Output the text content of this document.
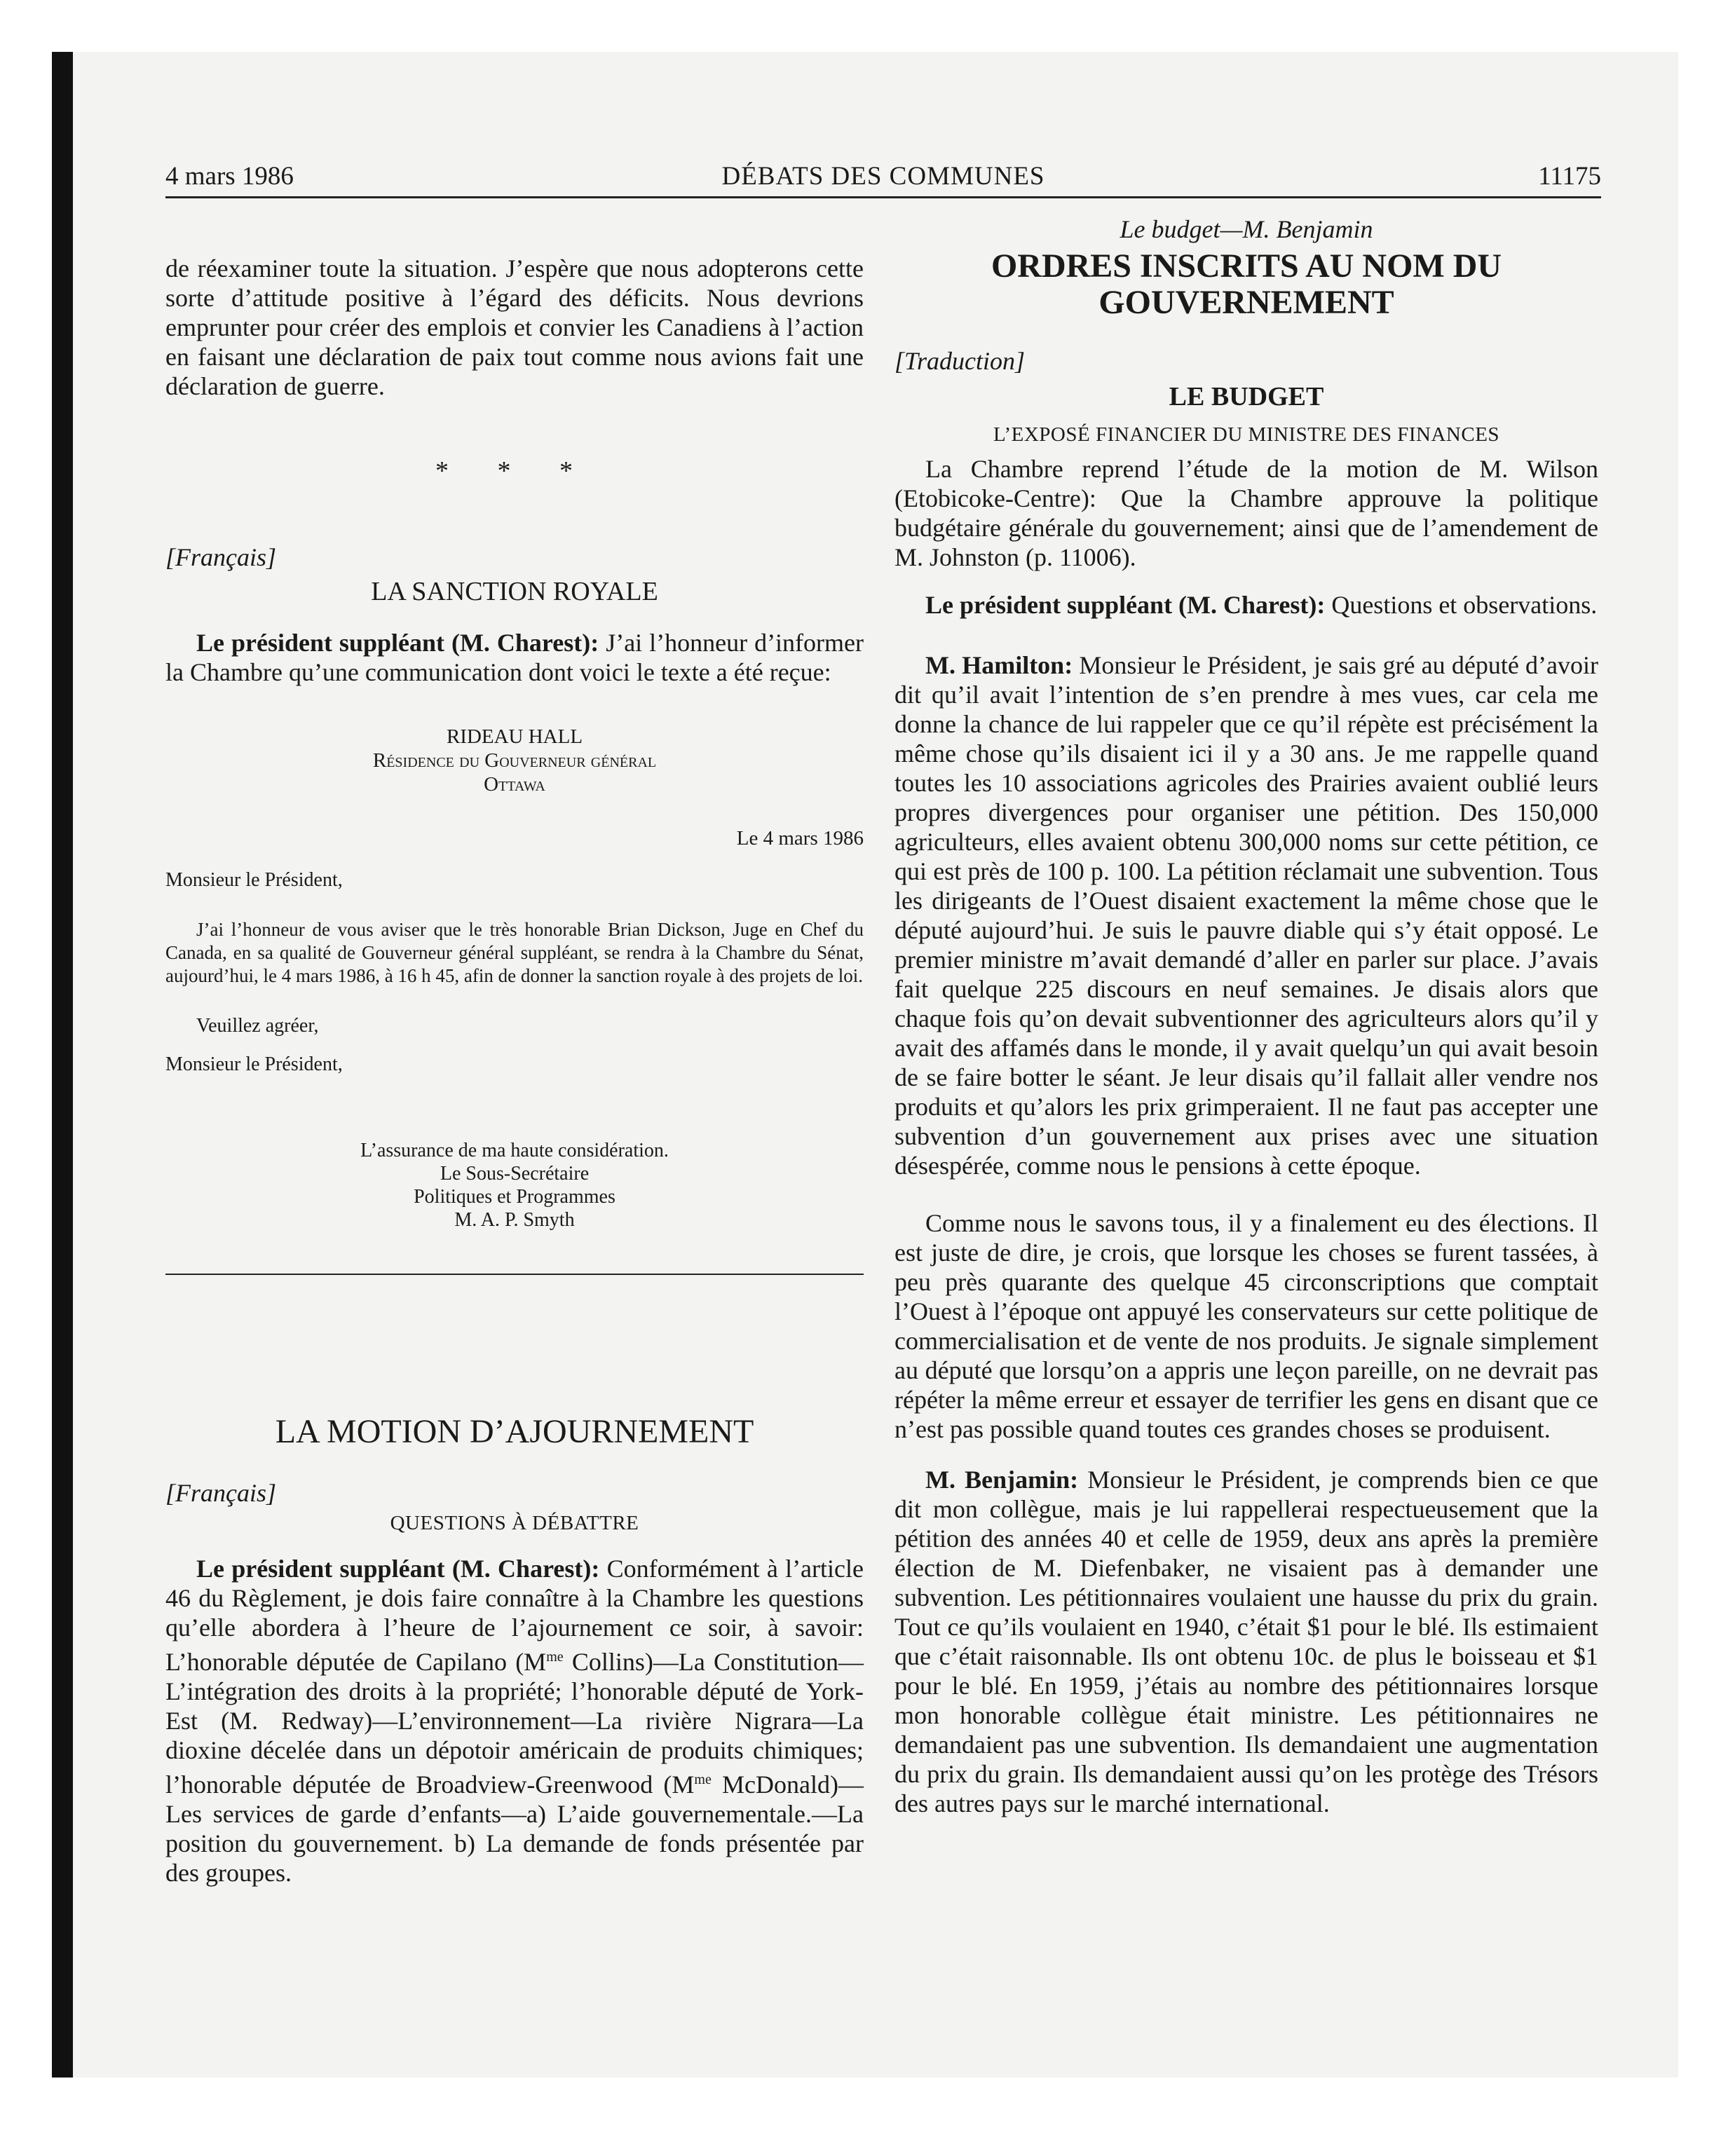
4 mars 1986	DÉBATS DES COMMUNES	11175

de réexaminer toute la situation. J’espère que nous adopterons cette sorte d’attitude positive à l’égard des déficits. Nous devrions emprunter pour créer des emplois et convier les Canadiens à l’action en faisant une déclaration de paix tout comme nous avions fait une déclaration de guerre.

* * *
[Français]
LA SANCTION ROYALE

Le président suppléant (M. Charest): J’ai l’honneur d’informer la Chambre qu’une communication dont voici le texte a été reçue:

RIDEAU HALL
Résidence du Gouverneur général
Ottawa

Le 4 mars 1986

Monsieur le Président,

J’ai l’honneur de vous aviser que le très honorable Brian Dickson, Juge en Chef du Canada, en sa qualité de Gouverneur général suppléant, se rendra à la Chambre du Sénat, aujourd’hui, le 4 mars 1986, à 16 h 45, afin de donner la sanction royale à des projets de loi.

Veuillez agréer,

Monsieur le Président,

L’assurance de ma haute considération.
Le Sous-Secrétaire
Politiques et Programmes
M. A. P. Smyth
LA MOTION D’AJOURNEMENT
[Français]
QUESTIONS À DÉBATTRE

Le président suppléant (M. Charest): Conformément à l’article 46 du Règlement, je dois faire connaître à la Chambre les questions qu’elle abordera à l’heure de l’ajournement ce soir, à savoir: L’honorable députée de Capilano ($M^{me}$ Collins)—La Constitution—L’intégration des droits à la propriété; l’honorable député de York-Est (M. Redway)—L’environnement—La rivière Nigrara—La dioxine décelée dans un dépotoir américain de produits chimiques; l’honorable députée de Broadview-Greenwood ($M^{me}$ McDonald)—Les services de garde d’enfants—a) L’aide gouvernementale.—La position du gouvernement. b) La demande de fonds présentée par des groupes.

Le budget—M. Benjamin
ORDRES INSCRITS AU NOM DU GOUVERNEMENT
[Traduction]
LE BUDGET
L’EXPOSÉ FINANCIER DU MINISTRE DES FINANCES

La Chambre reprend l’étude de la motion de M. Wilson (Etobicoke-Centre): Que la Chambre approuve la politique budgétaire générale du gouvernement; ainsi que de l’amendement de M. Johnston (p. 11006).

Le président suppléant (M. Charest): Questions et observations.

M. Hamilton: Monsieur le Président, je sais gré au député d’avoir dit qu’il avait l’intention de s’en prendre à mes vues, car cela me donne la chance de lui rappeler que ce qu’il répète est précisément la même chose qu’ils disaient ici il y a 30 ans. Je me rappelle quand toutes les 10 associations agricoles des Prairies avaient oublié leurs propres divergences pour organiser une pétition. Des 150,000 agriculteurs, elles avaient obtenu 300,000 noms sur cette pétition, ce qui est près de 100 p. 100. La pétition réclamait une subvention. Tous les dirigeants de l’Ouest disaient exactement la même chose que le député aujourd’hui. Je suis le pauvre diable qui s’y était opposé. Le premier ministre m’avait demandé d’aller en parler sur place. J’avais fait quelque 225 discours en neuf semaines. Je disais alors que chaque fois qu’on devait subventionner des agriculteurs alors qu’il y avait des affamés dans le monde, il y avait quelqu’un qui avait besoin de se faire botter le séant. Je leur disais qu’il fallait aller vendre nos produits et qu’alors les prix grimperaient. Il ne faut pas accepter une subvention d’un gouvernement aux prises avec une situation désespérée, comme nous le pensions à cette époque.

Comme nous le savons tous, il y a finalement eu des élections. Il est juste de dire, je crois, que lorsque les choses se furent tassées, à peu près quarante des quelque 45 circonscriptions que comptait l’Ouest à l’époque ont appuyé les conservateurs sur cette politique de commercialisation et de vente de nos produits. Je signale simplement au député que lorsqu’on a appris une leçon pareille, on ne devrait pas répéter la même erreur et essayer de terrifier les gens en disant que ce n’est pas possible quand toutes ces grandes choses se produisent.

M. Benjamin: Monsieur le Président, je comprends bien ce que dit mon collègue, mais je lui rappellerai respectueusement que la pétition des années 40 et celle de 1959, deux ans après la première élection de M. Diefenbaker, ne visaient pas à demander une subvention. Les pétitionnaires voulaient une hausse du prix du grain. Tout ce qu’ils voulaient en 1940, c’était $1 pour le blé. Ils estimaient que c’était raisonnable. Ils ont obtenu 10c. de plus le boisseau et $1 pour le blé. En 1959, j’étais au nombre des pétitionnaires lorsque mon honorable collègue était ministre. Les pétitionnaires ne demandaient pas une subvention. Ils demandaient une augmentation du prix du grain. Ils demandaient aussi qu’on les protège des Trésors des autres pays sur le marché international.
